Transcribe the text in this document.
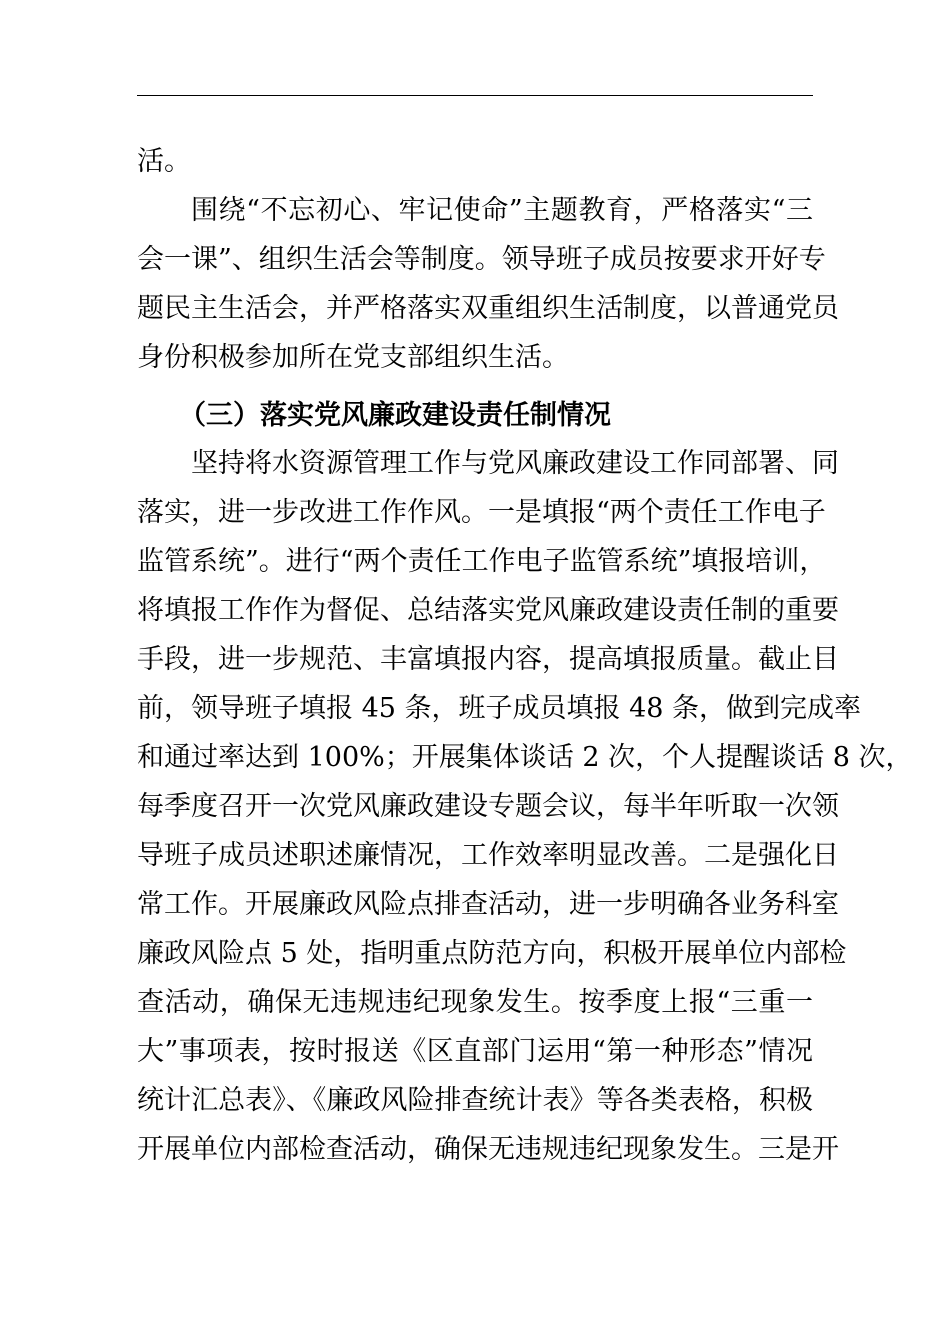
活。
围绕“不忘初心、牢记使命”主题教育，严格落实“三
会一课”、组织生活会等制度。领导班子成员按要求开好专
题民主生活会，并严格落实双重组织生活制度，以普通党员
身份积极参加所在党支部组织生活。
（三）落实党风廉政建设责任制情况
坚持将水资源管理工作与党风廉政建设工作同部署、同
落实，进一步改进工作作风。一是填报“两个责任工作电子
监管系统”。进行“两个责任工作电子监管系统”填报培训，
将填报工作作为督促、总结落实党风廉政建设责任制的重要
手段，进一步规范、丰富填报内容，提高填报质量。截止目
前，领导班子填报 45 条，班子成员填报 48 条，做到完成率
和通过率达到 100%；开展集体谈话 2 次，个人提醒谈话 8 次，
每季度召开一次党风廉政建设专题会议，每半年听取一次领
导班子成员述职述廉情况，工作效率明显改善。二是强化日
常工作。开展廉政风险点排查活动，进一步明确各业务科室
廉政风险点 5 处，指明重点防范方向，积极开展单位内部检
查活动，确保无违规违纪现象发生。按季度上报“三重一
大”事项表，按时报送《区直部门运用“第一种形态”情况
统计汇总表》、《廉政风险排查统计表》等各类表格，积极
开展单位内部检查活动，确保无违规违纪现象发生。三是开
